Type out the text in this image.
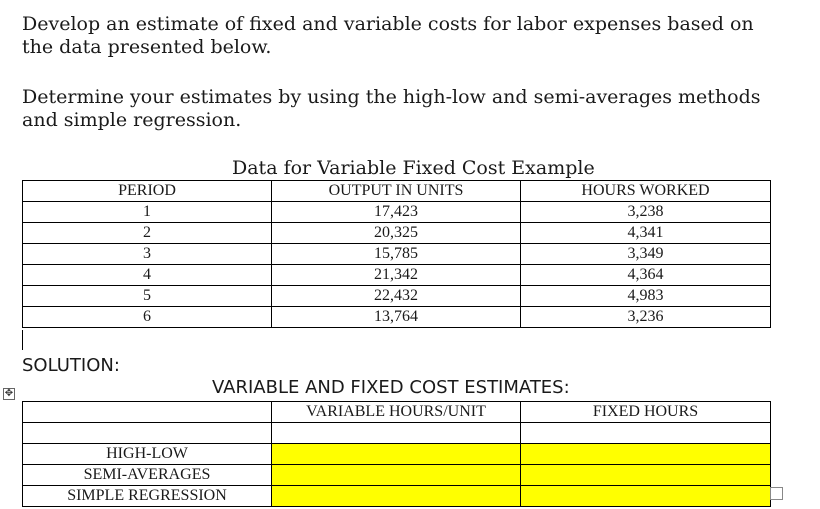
Develop an estimate of fixed and variable costs for labor expenses based on the data presented below.

Determine your estimates by using the high-low and semi-averages methods and simple regression.

Data for Variable Fixed Cost Example
PERIOD	OUTPUT IN UNITS	HOURS WORKED
1	17,423	3,238
2	20,325	4,341
3	15,785	3,349
4	21,342	4,364
5	22,432	4,983
6	13,764	3,236
SOLUTION:
✥	VARIABLE AND FIXED COST ESTIMATES:
	VARIABLE HOURS/UNIT	FIXED HOURS

HIGH-LOW		
SEMI-AVERAGES		
SIMPLE REGRESSION		
